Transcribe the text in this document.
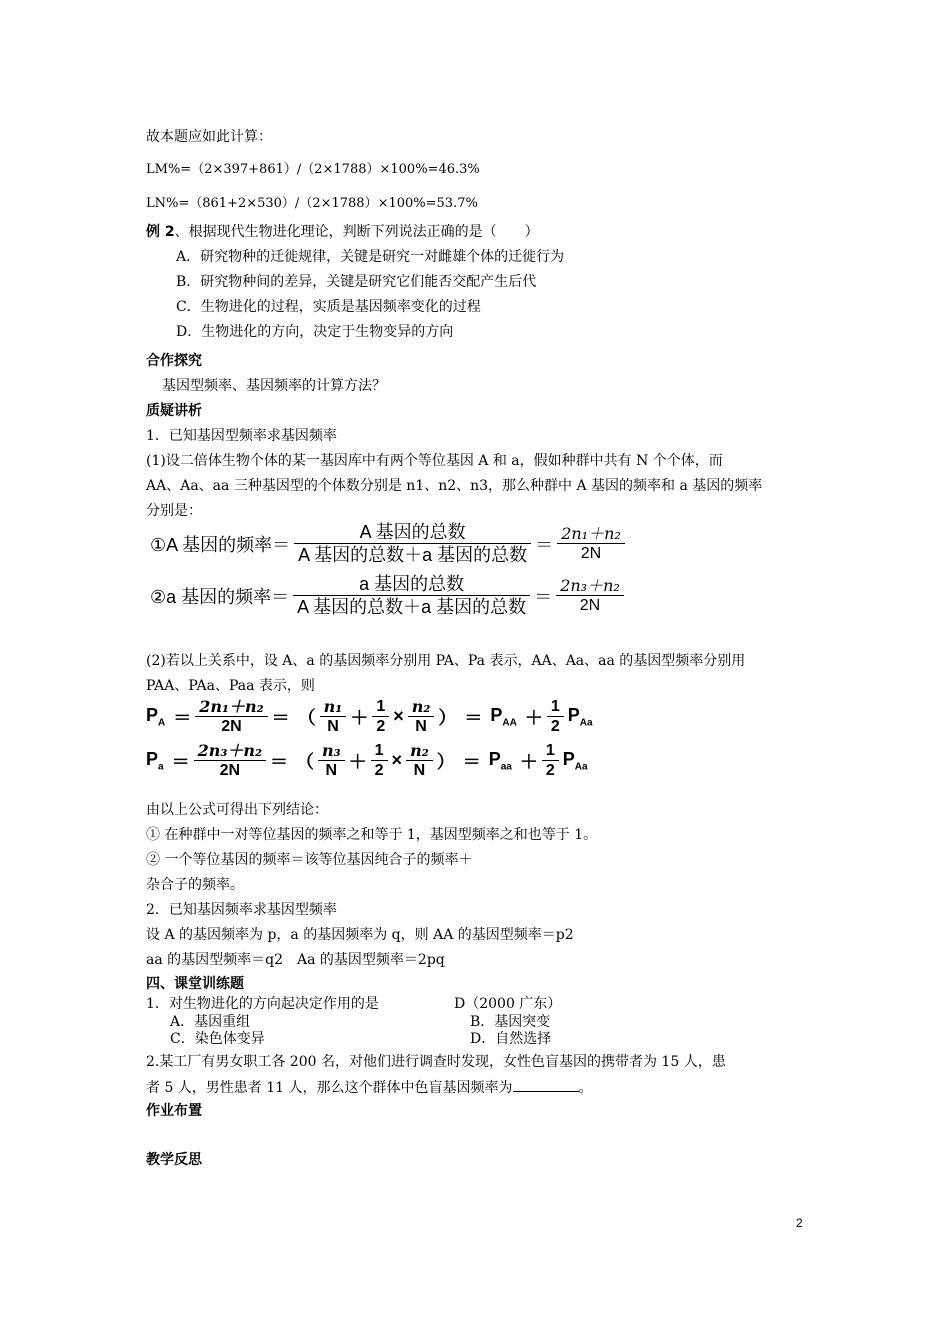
故本题应如此计算：
LM%=（2×397+861）/（2×1788）×100%=46.3%
LN%=（861+2×530）/（2×1788）×100%=53.7%
例 2、根据现代生物进化理论，判断下列说法正确的是（　　）
A．研究物种的迁徙规律，关键是研究一对雌雄个体的迁徙行为
B．研究物种间的差异，关键是研究它们能否交配产生后代
C．生物进化的过程，实质是基因频率变化的过程
D．生物进化的方向，决定于生物变异的方向
合作探究
基因型频率、基因频率的计算方法？
质疑讲析
1．已知基因型频率求基因频率
(1)设二倍体生物个体的某一基因库中有两个等位基因 A 和 a，假如种群中共有 N 个个体，而
AA、Aa、aa 三种基因型的个体数分别是 n1、n2、n3，那么种群中 A 基因的频率和 a 基因的频率
分别是：
①A 基因的频率＝ $\frac{\text{A 基因的总数}}{\text{A 基因的总数＋a 基因的总数}} = \frac{\text{2n₁＋n₂}}{2N}$
②a 基因的频率＝ $\frac{\text{a 基因的总数}}{\text{A 基因的总数＋a 基因的总数}} = \frac{\text{2n₃＋n₂}}{2N}$
(2)若以上关系中，设 A、a 的基因频率分别用 PA、Pa 表示，AA、Aa、aa 的基因型频率分别用
PAA、PAa、Paa 表示，则
$P_A = \frac{\text{2n₁＋n₂}}{2N}$ ＝ （ $\frac{\text{n₁}}{N} + \frac{1}{2} \times \frac{\text{n₂}}{N}$ ） ＝ $P_{AA} + \frac{1}{2} P_{Aa}$
$P_a = \frac{\text{2n₃＋n₂}}{2N}$ ＝ （ $\frac{\text{n₃}}{N} + \frac{1}{2} \times \frac{\text{n₂}}{N}$ ） ＝ $P_{aa} + \frac{1}{2} P_{Aa}$
由以上公式可得出下列结论：
① 在种群中一对等位基因的频率之和等于 1，基因型频率之和也等于 1。
② 一个等位基因的频率＝该等位基因纯合子的频率＋
杂合子的频率。
2．已知基因频率求基因型频率
设 A 的基因频率为 p，a 的基因频率为 q，则 AA 的基因型频率＝p2
aa 的基因型频率＝q2　Aa 的基因型频率＝2pq
四、课堂训练题
1．对生物进化的方向起决定作用的是	D（2000 广东）
A．基因重组	B．基因突变
C．染色体变异	D．自然选择
2.某工厂有男女职工各 200 名，对他们进行调查时发现，女性色盲基因的携带者为 15 人，患
者 5 人，男性患者 11 人，那么这个群体中色盲基因频率为	。
作业布置
教学反思
2
